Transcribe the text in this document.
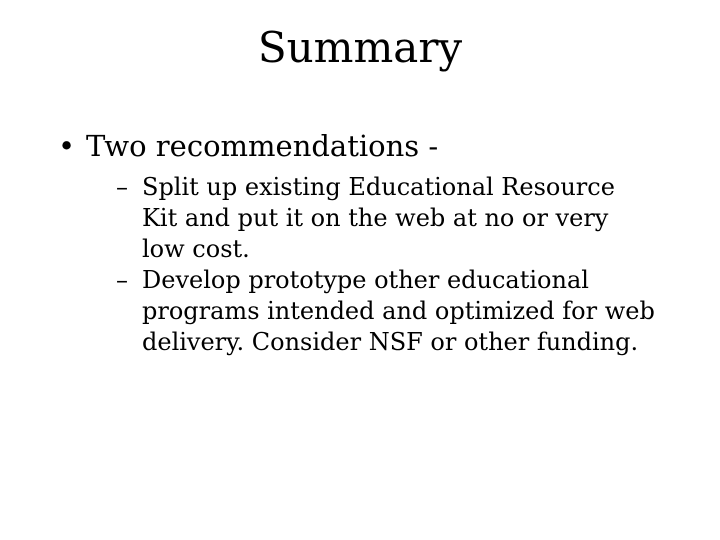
Summary
• Two recommendations -
– Split up existing Educational Resource
Kit and put it on the web at no or very
low cost.
– Develop prototype other educational
programs intended and optimized for web
delivery. Consider NSF or other funding.
